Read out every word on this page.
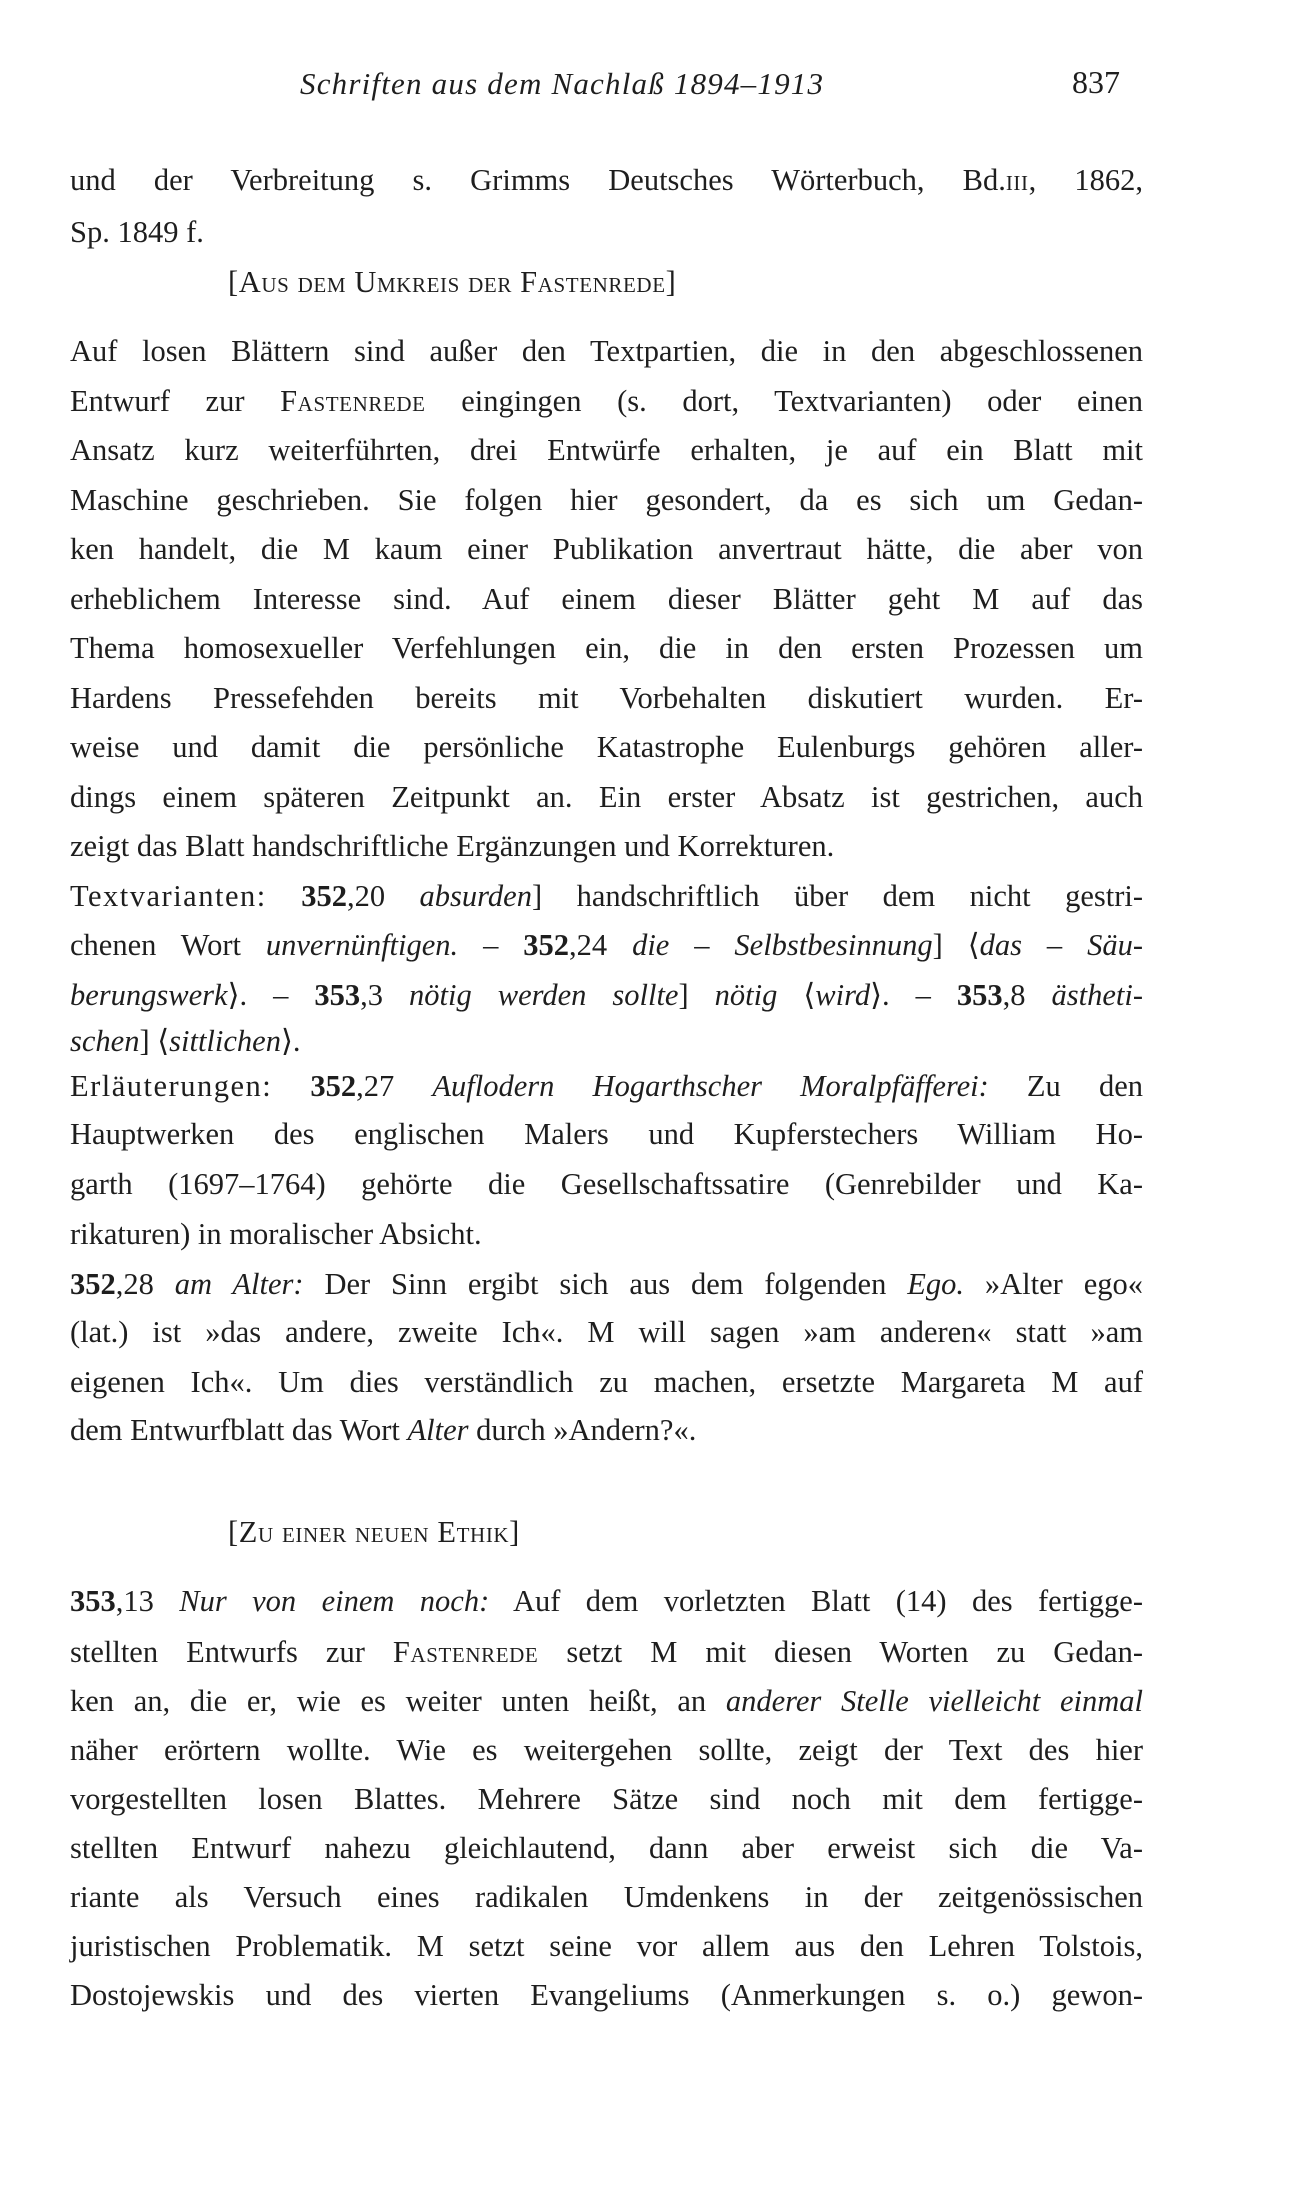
Schriften aus dem Nachlaß 1894–1913	837
und der Verbreitung s. Grimms Deutsches Wörterbuch, Bd.iii, 1862,
Sp. 1849 f.
[Aus dem Umkreis der Fastenrede]
Auf losen Blättern sind außer den Textpartien, die in den abgeschlossenen
Entwurf zur Fastenrede eingingen (s. dort, Textvarianten) oder einen
Ansatz kurz weiterführten, drei Entwürfe erhalten, je auf ein Blatt mit
Maschine geschrieben. Sie folgen hier gesondert, da es sich um Gedan-
ken handelt, die M kaum einer Publikation anvertraut hätte, die aber von
erheblichem Interesse sind. Auf einem dieser Blätter geht M auf das
Thema homosexueller Verfehlungen ein, die in den ersten Prozessen um
Hardens Pressefehden bereits mit Vorbehalten diskutiert wurden. Er-
weise und damit die persönliche Katastrophe Eulenburgs gehören aller-
dings einem späteren Zeitpunkt an. Ein erster Absatz ist gestrichen, auch
zeigt das Blatt handschriftliche Ergänzungen und Korrekturen.
Textvarianten: 352,20 absurden] handschriftlich über dem nicht gestri-
chenen Wort unvernünftigen. – 352,24 die – Selbstbesinnung] ⟨das – Säu-
berungswerk⟩. – 353,3 nötig werden sollte] nötig ⟨wird⟩. – 353,8 ästheti-
schen] ⟨sittlichen⟩.
Erläuterungen: 352,27 Auflodern Hogarthscher Moralpfäfferei: Zu den
Hauptwerken des englischen Malers und Kupferstechers William Ho-
garth (1697–1764) gehörte die Gesellschaftssatire (Genrebilder und Ka-
rikaturen) in moralischer Absicht.
352,28 am Alter: Der Sinn ergibt sich aus dem folgenden Ego. »Alter ego«
(lat.) ist »das andere, zweite Ich«. M will sagen »am anderen« statt »am
eigenen Ich«. Um dies verständlich zu machen, ersetzte Margareta M auf
dem Entwurfblatt das Wort Alter durch »Andern?«.
[Zu einer neuen Ethik]
353,13 Nur von einem noch: Auf dem vorletzten Blatt (14) des fertigge-
stellten Entwurfs zur Fastenrede setzt M mit diesen Worten zu Gedan-
ken an, die er, wie es weiter unten heißt, an anderer Stelle vielleicht einmal
näher erörtern wollte. Wie es weitergehen sollte, zeigt der Text des hier
vorgestellten losen Blattes. Mehrere Sätze sind noch mit dem fertigge-
stellten Entwurf nahezu gleichlautend, dann aber erweist sich die Va-
riante als Versuch eines radikalen Umdenkens in der zeitgenössischen
juristischen Problematik. M setzt seine vor allem aus den Lehren Tolstois,
Dostojewskis und des vierten Evangeliums (Anmerkungen s. o.) gewon-
